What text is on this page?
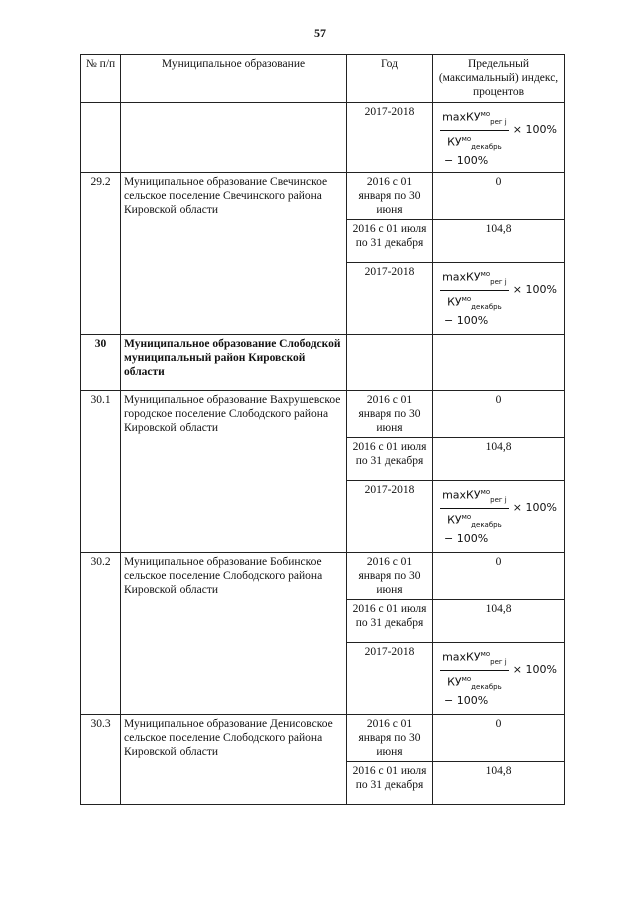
57
№ п/п	Муниципальное образование	Год	Предельный (максимальный) индекс, процентов
		2017-2018	$\frac{\max КУ^{мо}_{рег j}}{КУ^{мо}_{декабрь}} \times 100\%$
− 100%

29.2	Муниципальное образование Свечинское сельское поселение Свечинского района Кировской области	2016 с 01 января по 30 июня	0
		2016 с 01 июля по 31 декабря	104,8
		2017-2018	$\frac{\max КУ^{мо}_{рег j}}{КУ^{мо}_{декабрь}} \times 100\%$
− 100%

30	Муниципальное образование Слободской муниципальный район Кировской области		
30.1	Муниципальное образование Вахрушевское городское поселение Слободского района Кировской области	2016 с 01 января по 30 июня	0
		2016 с 01 июля по 31 декабря	104,8
		2017-2018	$\frac{\max КУ^{мо}_{рег j}}{КУ^{мо}_{декабрь}} \times 100\%$
− 100%

30.2	Муниципальное образование Бобинское сельское поселение Слободского района Кировской области	2016 с 01 января по 30 июня	0
		2016 с 01 июля по 31 декабря	104,8
		2017-2018	$\frac{\max КУ^{мо}_{рег j}}{КУ^{мо}_{декабрь}} \times 100\%$
− 100%

30.3	Муниципальное образование Денисовское сельское поселение Слободского района Кировской области	2016 с 01 января по 30 июня	0
		2016 с 01 июля по 31 декабря	104,8
